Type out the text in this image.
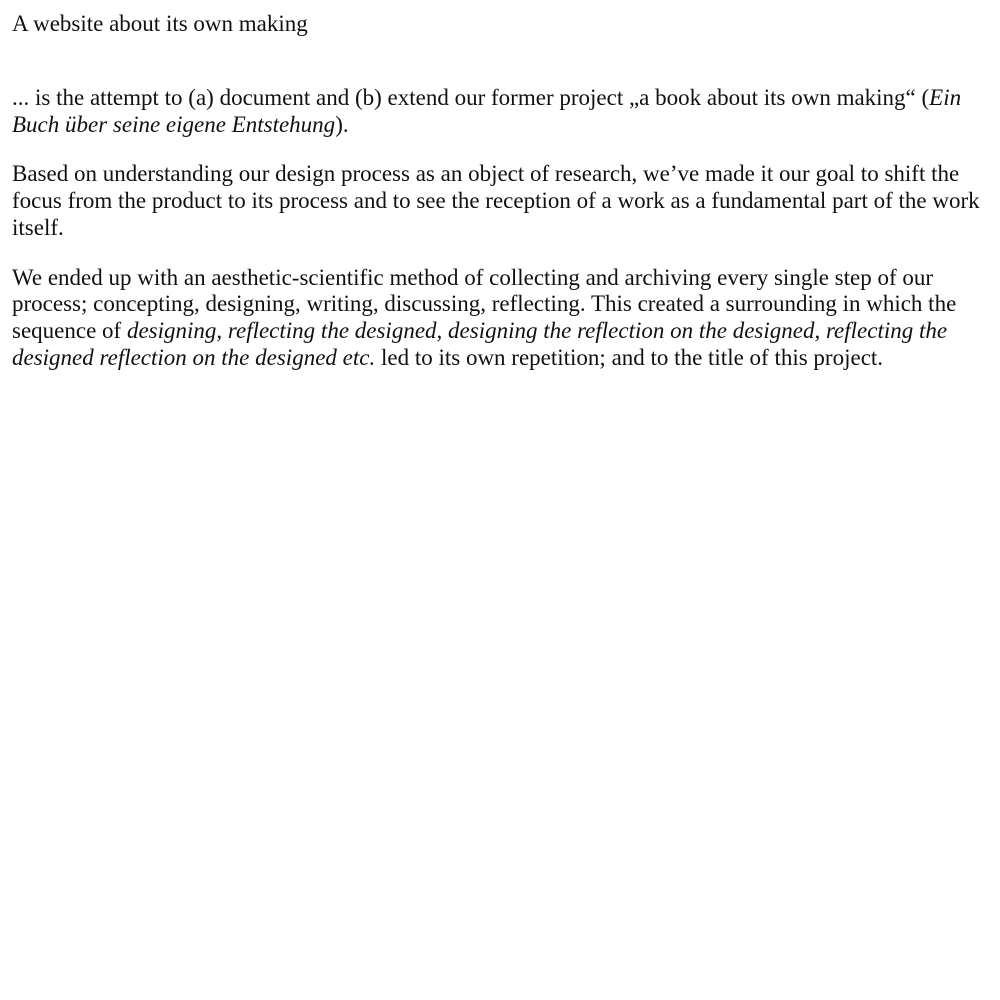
A website about its own making

... is the attempt to (a) document and (b) extend our former project „a book about its own making“ (Ein Buch über seine eigene Entstehung).

Based on understanding our design process as an object of research, we’ve made it our goal to shift the focus from the product to its process and to see the reception of a work as a fundamental part of the work itself.

We ended up with an aesthetic-scientific method of collecting and archiving every single step of our process; concepting, designing, writing, discussing, reflecting. This created a surrounding in which the sequence of designing, reflecting the designed, designing the reflection on the designed, reflecting the designed reflection on the designed etc. led to its own repetition; and to the title of this project.
